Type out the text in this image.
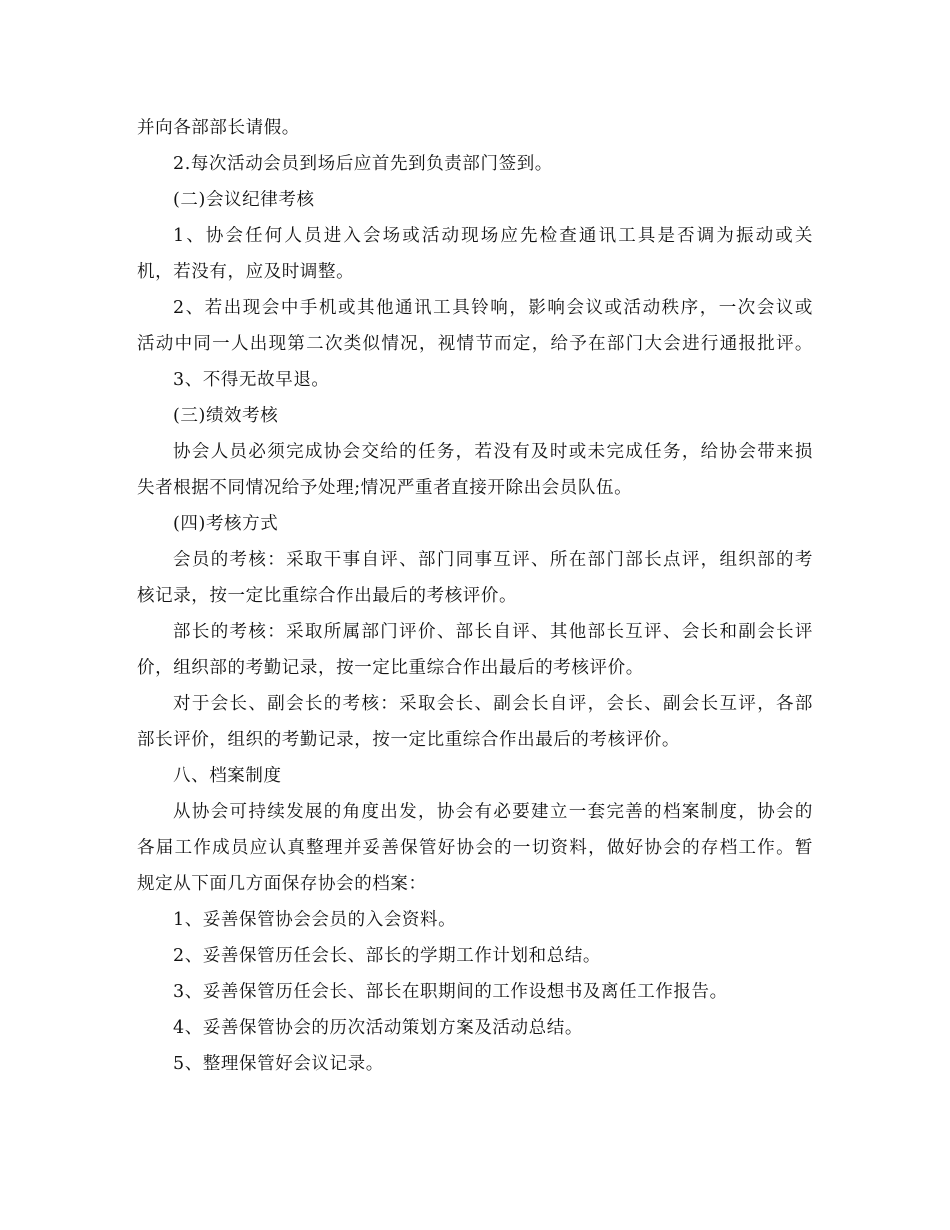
并向各部部长请假。
2.每次活动会员到场后应首先到负责部门签到。
(二)会议纪律考核
1、协会任何人员进入会场或活动现场应先检查通讯工具是否调为振动或关
机，若没有，应及时调整。
2、若出现会中手机或其他通讯工具铃响，影响会议或活动秩序，一次会议或
活动中同一人出现第二次类似情况，视情节而定，给予在部门大会进行通报批评。
3、不得无故早退。
(三)绩效考核
协会人员必须完成协会交给的任务，若没有及时或未完成任务，给协会带来损
失者根据不同情况给予处理;情况严重者直接开除出会员队伍。
(四)考核方式
会员的考核：采取干事自评、部门同事互评、所在部门部长点评，组织部的考
核记录，按一定比重综合作出最后的考核评价。
部长的考核：采取所属部门评价、部长自评、其他部长互评、会长和副会长评
价，组织部的考勤记录，按一定比重综合作出最后的考核评价。
对于会长、副会长的考核：采取会长、副会长自评，会长、副会长互评，各部
部长评价，组织的考勤记录，按一定比重综合作出最后的考核评价。
八、档案制度
从协会可持续发展的角度出发，协会有必要建立一套完善的档案制度，协会的
各届工作成员应认真整理并妥善保管好协会的一切资料，做好协会的存档工作。暂
规定从下面几方面保存协会的档案：
1、妥善保管协会会员的入会资料。
2、妥善保管历任会长、部长的学期工作计划和总结。
3、妥善保管历任会长、部长在职期间的工作设想书及离任工作报告。
4、妥善保管协会的历次活动策划方案及活动总结。
5、整理保管好会议记录。
